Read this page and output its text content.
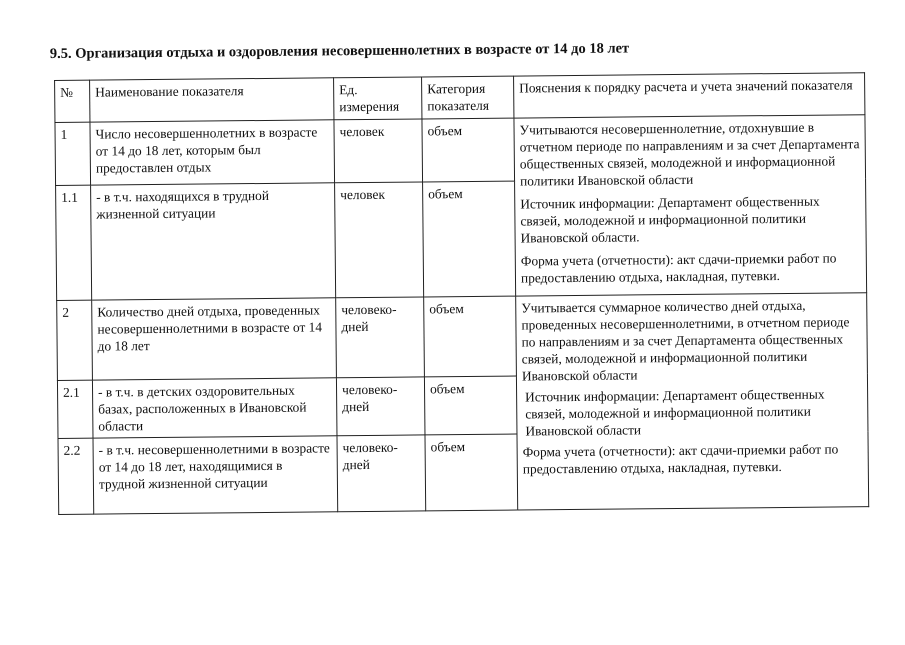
9.5. Организация отдыха и оздоровления несовершеннолетних в возрасте от 14 до 18 лет
№	Наименование показателя	Ед. измерения	Категория показателя	Пояснения к порядку расчета и учета значений показателя
1	Число несовершеннолетних в возрасте от 14 до 18 лет, которым был предоставлен отдых	человек	объем	Учитываются несовершеннолетние, отдохнувшие в отчетном периоде по направлениям и за счет Департамента общественных связей, молодежной и информационной политики Ивановской области

Источник информации: Департамент общественных связей, молодежной и информационной политики Ивановской области.

Форма учета (отчетности): акт сдачи-приемки работ по предоставлению отдыха, накладная, путевки.

1.1	- в т.ч. находящихся в трудной жизненной ситуации	человек	объем	
2	Количество дней отдыха, проведенных несовершеннолетними в возрасте от 14 до 18 лет	человеко-дней	объем	Учитывается суммарное количество дней отдыха, проведенных несовершеннолетними, в отчетном периоде по направлениям и за счет Департамента общественных связей, молодежной и информационной политики Ивановской области

Источник информации: Департамент общественных связей, молодежной и информационной политики Ивановской области

Форма учета (отчетности): акт сдачи-приемки работ по предоставлению отдыха, накладная, путевки.

2.1	- в т.ч. в детских оздоровительных базах, расположенных в Ивановской области	человеко-дней	объем	
2.2	- в т.ч. несовершеннолетними в возрасте от 14 до 18 лет, находящимися в трудной жизненной ситуации	человеко-дней	объем	
